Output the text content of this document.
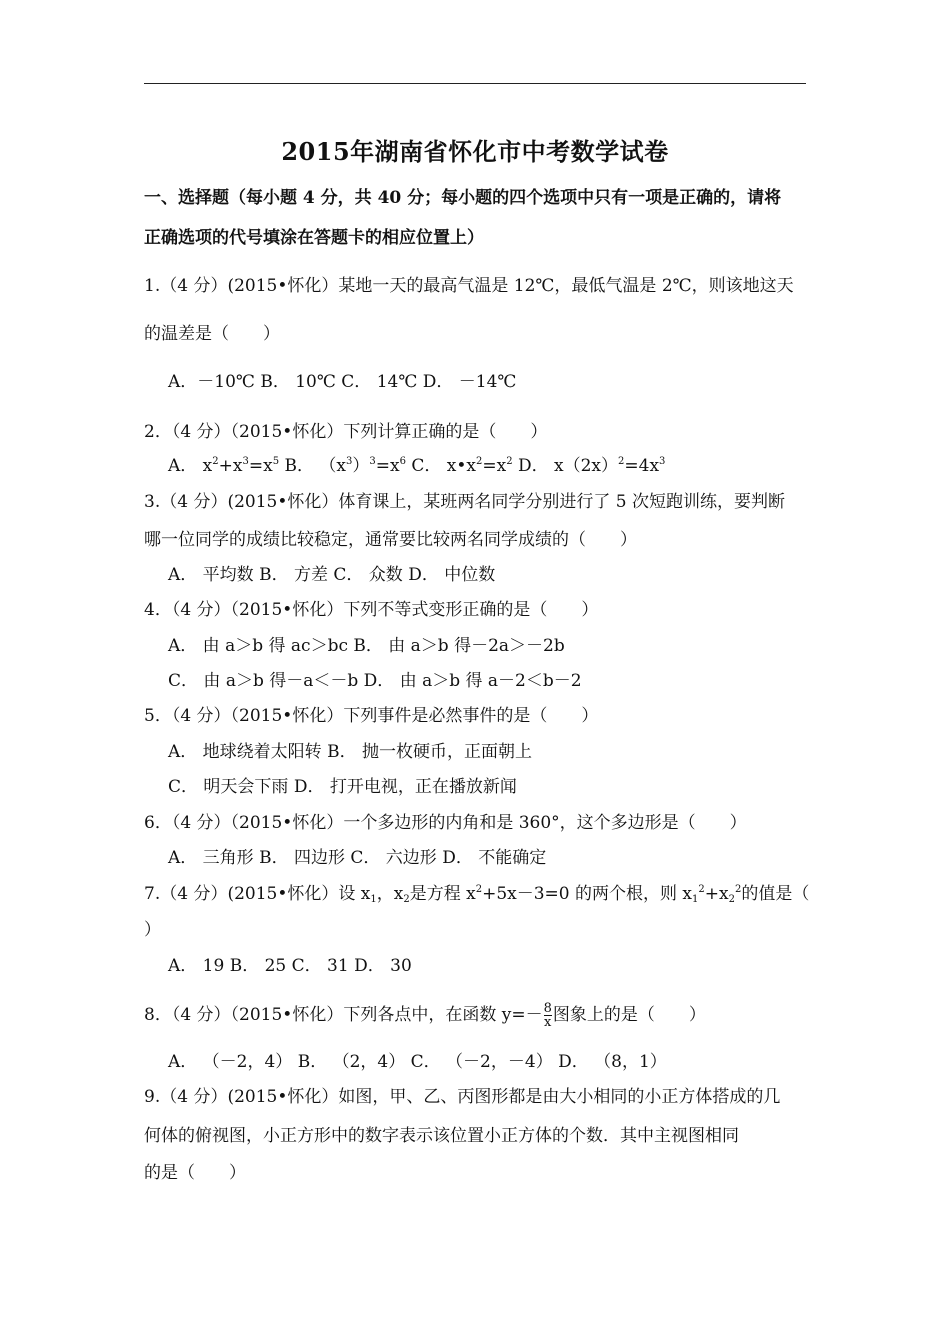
2015年湖南省怀化市中考数学试卷
一、选择题（每小题 4 分，共 40 分；每小题的四个选项中只有一项是正确的，请将
正确选项的代号填涂在答题卡的相应位置上）
1.（4 分）(2015•怀化）某地一天的最高气温是 12℃，最低气温是 2℃，则该地这天
的温差是（　　）
A．－10℃ B． 10℃ C． 14℃ D． －14℃
2．（4 分）（2015•怀化）下列计算正确的是（　　）
A． $x^2+x^3=x^5$ B． $(x^3)^3=x^6$ C． $x•x^2=x^2$ D． $x(2x)^2=4x^3$
3.（4 分）(2015•怀化）体育课上，某班两名同学分别进行了 5 次短跑训练，要判断
哪一位同学的成绩比较稳定，通常要比较两名同学成绩的（　　）
A． 平均数 B． 方差 C． 众数 D． 中位数
4．（4 分）（2015•怀化）下列不等式变形正确的是（　　）
A． 由 a＞b 得 ac＞bc B． 由 a＞b 得－2a＞－2b
C． 由 a＞b 得－a＜－b D． 由 a＞b 得 a－2＜b－2
5．（4 分）（2015•怀化）下列事件是必然事件的是（　　）
A． 地球绕着太阳转 B． 抛一枚硬币，正面朝上
C． 明天会下雨 D． 打开电视，正在播放新闻
6．（4 分）（2015•怀化）一个多边形的内角和是 360°，这个多边形是（　　）
A． 三角形 B． 四边形 C． 六边形 D． 不能确定
7.（4 分）(2015•怀化）设 $x_1$，$x_2$是方程 $x^2+5x-3=0$ 的两个根，则 $x_1^2+x_2^2$的值是（
）
A． 19 B． 25 C． 31 D． 30
8．（4 分）（2015•怀化）下列各点中，在函数 $y=- \frac{8}{x}$ 图象上的是（　　）
A． （－2，4） B． （2，4） C． （－2，－4） D． （8，1）
9.（4 分）(2015•怀化）如图，甲、乙、丙图形都是由大小相同的小正方体搭成的几
何体的俯视图，小正方形中的数字表示该位置小正方体的个数．其中主视图相同
的是（　　）
